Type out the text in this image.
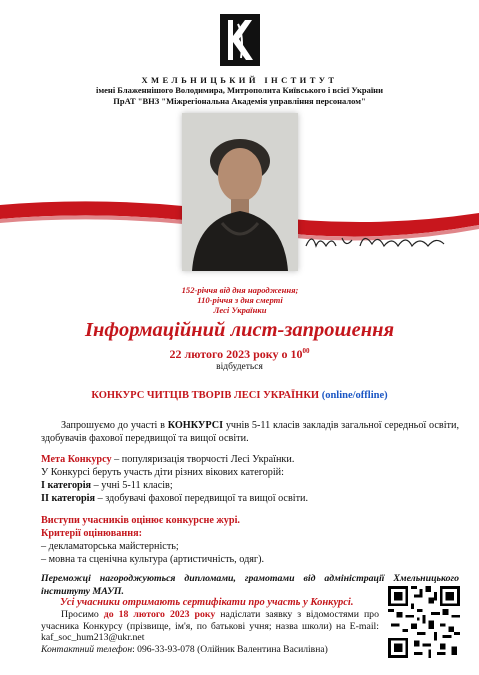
ХМЕЛЬНИЦЬКИЙ ІНСТИТУТ
імені Блаженнішого Володимира, Митрополита Київського і всієї України
ПрАТ "ВНЗ "Міжрегіональна Академія управління персоналом"
152-річчя від дня народження;
110-річчя з дня смерті
Лесі Українки
Інформаційний лист-запрошення
22 лютого 2023 року о $10^{00}$
відбудеться
КОНКУРС ЧИТЦІВ ТВОРІВ ЛЕСІ УКРАЇНКИ (online/offline)
Запрошуємо до участі в КОНКУРСІ учнів 5-11 класів закладів загальної середньої освіти, здобувачів фахової передвищої та вищої освіти.
Мета Конкурсу – популяризація творчості Лесі Українки.
У Конкурсі беруть участь діти різних вікових категорій:
І категорія – учні 5-11 класів;
ІІ категорія – здобувачі фахової передвищої та вищої освіти.
Виступи учасників оцінює конкурсне журі.
Критерії оцінювання:
– декламаторська майстерність;
– мовна та сценічна культура (артистичність, одяг).
Переможці нагороджуються дипломами, грамотами від адміністрації Хмельницького інституту МАУП.
Усі учасники отримають сертифікати про участь у Конкурсі.
Просимо до 18 лютого 2023 року надіслати заявку з відомостями про учасника Конкурсу (прізвище, ім'я, по батькові учня; назва школи) на E-mail: kaf_soc_hum213@ukr.net
Контактний телефон: 096-33-93-078 (Олійник Валентина Василівна)
